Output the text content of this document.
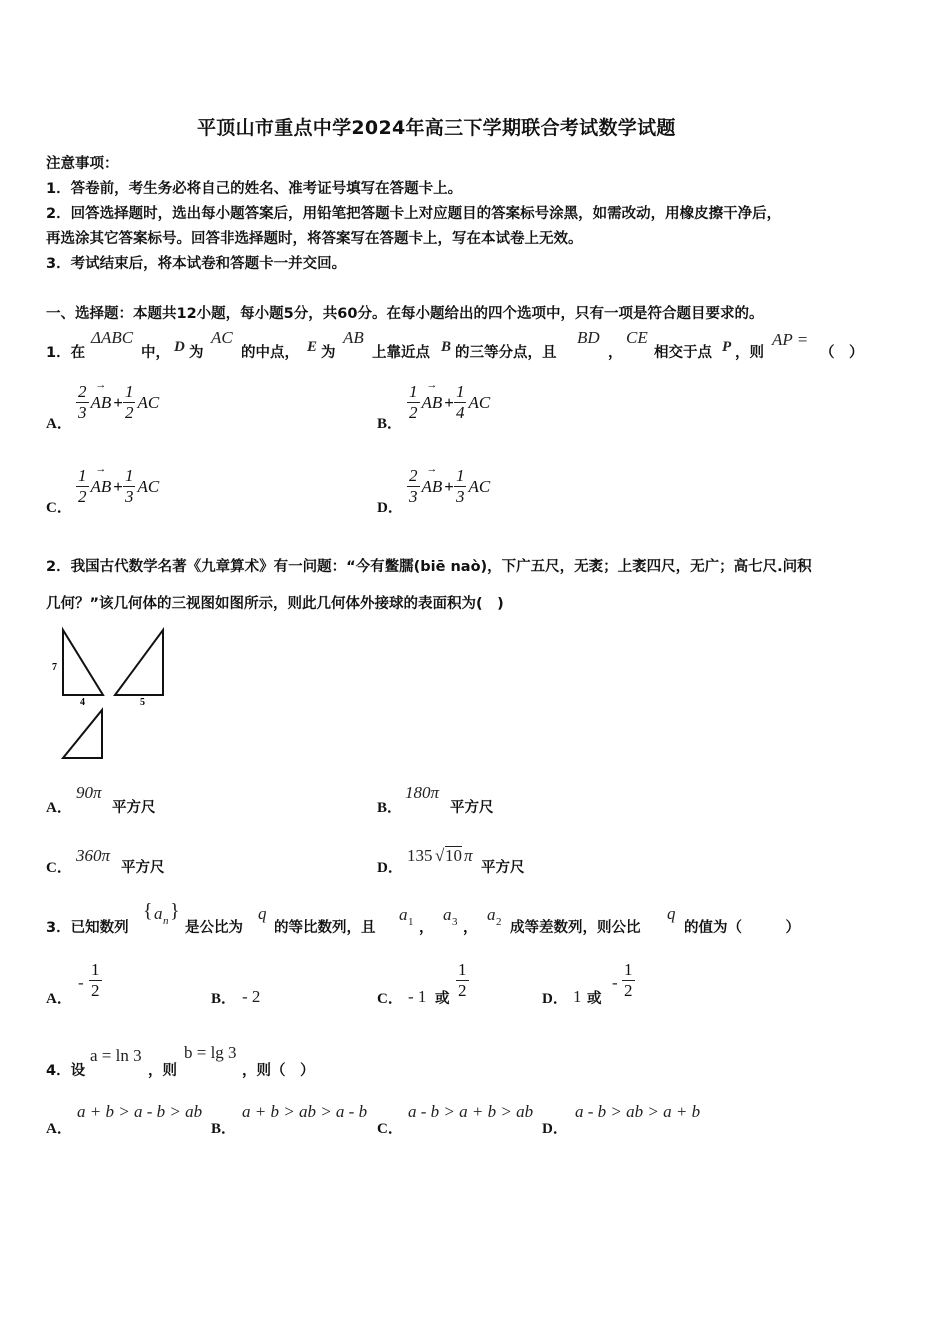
平顶山市重点中学2024年高三下学期联合考试数学试题
注意事项：
1．答卷前，考生务必将自己的姓名、准考证号填写在答题卡上。
2．回答选择题时，选出每小题答案后，用铅笔把答题卡上对应题目的答案标号涂黑，如需改动，用橡皮擦干净后，
再选涂其它答案标号。回答非选择题时，将答案写在答题卡上，写在本试卷上无效。
3．考试结束后，将本试卷和答题卡一并交回。
一、选择题：本题共12小题，每小题5分，共60分。在每小题给出的四个选项中，只有一项是符合题目要求的。
1．在
ΔABC
中， D 为
AC
的中点， E 为
AB
上靠近点 B 的三等分点，且
BD
，
CE
相交于点 P ，则
AP =
（　）
A．
$\frac{2}{3}$ → AB + $\frac{1}{2}$ AC
B．
$\frac{1}{2}$ → AB + $\frac{1}{4}$ AC
C．
$\frac{1}{2}$ → AB + $\frac{1}{3}$ AC
D．
$\frac{2}{3}$ → AB + $\frac{1}{3}$ AC
2．我国古代数学名著《九章算术》有一问题：“今有鳖臑(biē naò)，下广五尺，无袤；上袤四尺，无广；高七尺.问积
几何？”该几何体的三视图如图所示，则此几何体外接球的表面积为(　)
7
4	5
A．
90π
平方尺	B．
180π
平方尺
C．
360π
平方尺	D．
135 √ 10 π
平方尺
3．已知数列
{ a n }
是公比为
q
的等比数列，且
a 1 ，
a 3 ，
a 2 成等差数列，则公比
q
的值为（　　　）
A．
- $\frac{1}{2}$	B． - 2	C． - 1 或 $\frac{1}{2}$	D． 1 或
- $\frac{1}{2}$
4．设
a = ln 3
，则
b = lg 3
，则（　）
A．
a + b > a - b > ab
B．
a + b > ab > a - b
C．
a - b > a + b > ab
D．
a - b > ab > a + b
